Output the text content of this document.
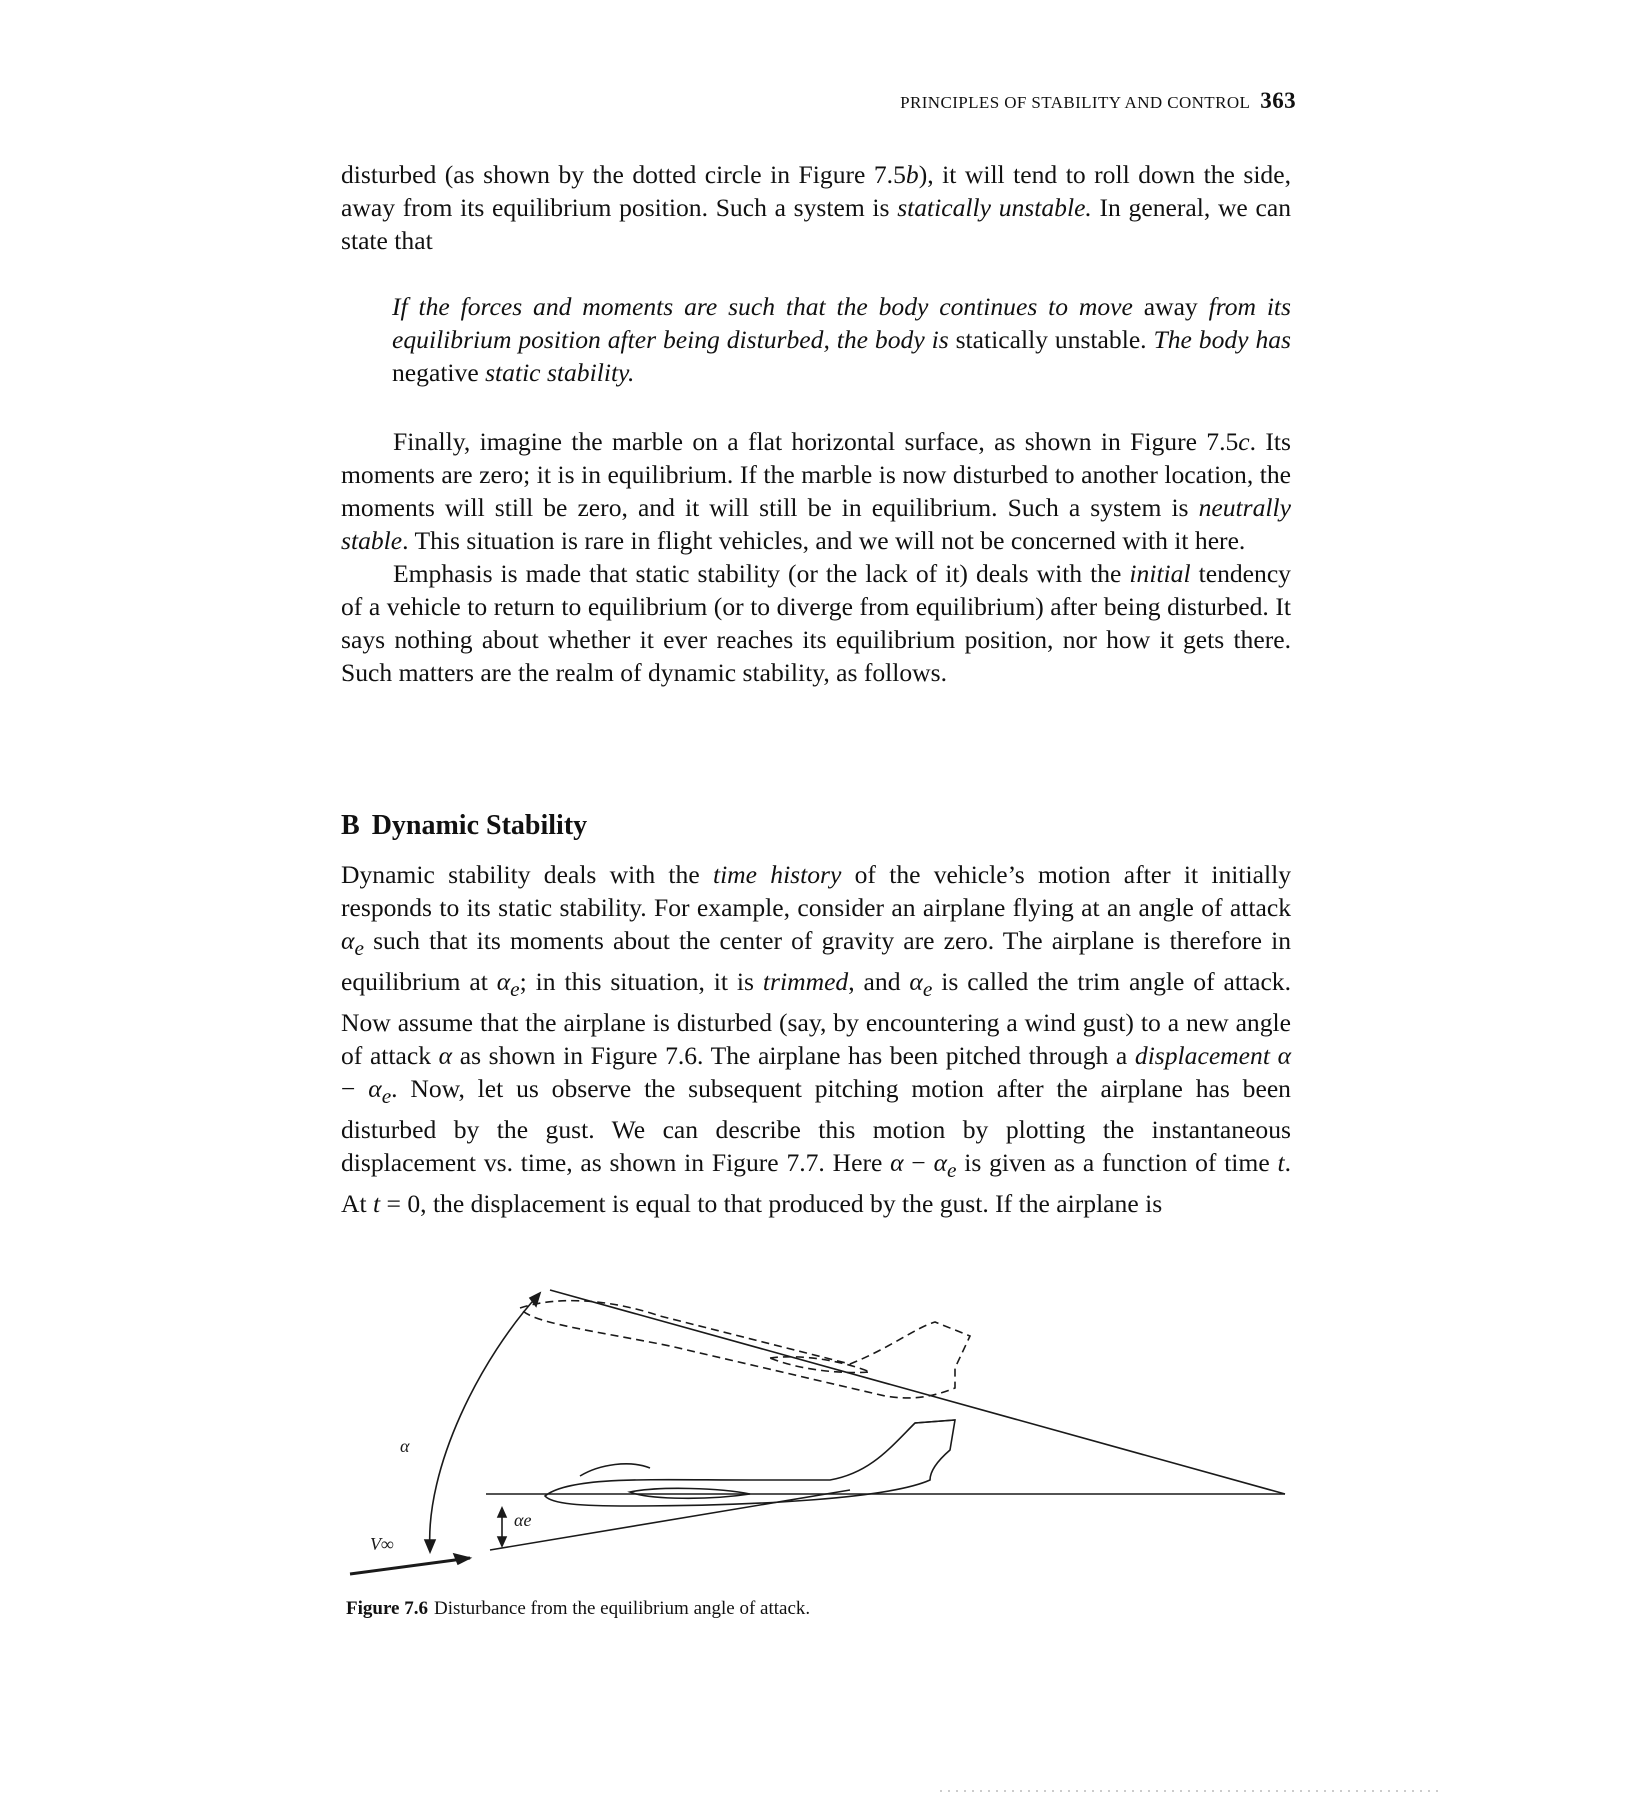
PRINCIPLES OF STABILITY AND CONTROL 363

disturbed (as shown by the dotted circle in Figure 7.5b), it will tend to roll down the side, away from its equilibrium position. Such a system is statically unstable. In general, we can state that

If the forces and moments are such that the body continues to move away from its equilibrium position after being disturbed, the body is statically unstable. The body has negative static stability.

Finally, imagine the marble on a flat horizontal surface, as shown in Figure 7.5c. Its moments are zero; it is in equilibrium. If the marble is now disturbed to another location, the moments will still be zero, and it will still be in equilibrium. Such a system is neutrally stable. This situation is rare in flight vehicles, and we will not be concerned with it here.

Emphasis is made that static stability (or the lack of it) deals with the initial tendency of a vehicle to return to equilibrium (or to diverge from equilibrium) after being disturbed. It says nothing about whether it ever reaches its equilibrium position, nor how it gets there. Such matters are the realm of dynamic stability, as follows.

B Dynamic Stability

Dynamic stability deals with the time history of the vehicle’s motion after it initially responds to its static stability. For example, consider an airplane flying at an angle of attack $\alpha_e$ such that its moments about the center of gravity are zero. The airplane is therefore in equilibrium at $\alpha_e$; in this situation, it is trimmed, and $\alpha_e$ is called the trim angle of attack. Now assume that the airplane is disturbed (say, by encountering a wind gust) to a new angle of attack α as shown in Figure 7.6. The airplane has been pitched through a displacement $\alpha - \alpha_e$. Now, let us observe the subsequent pitching motion after the airplane has been disturbed by the gust. We can describe this motion by plotting the instantaneous displacement vs. time, as shown in Figure 7.7. Here $\alpha - \alpha_e$ is given as a function of time t. At t = 0, the displacement is equal to that produced by the gust. If the airplane is

α
αe
V∞
Figure 7.6 Disturbance from the equilibrium angle of attack.
